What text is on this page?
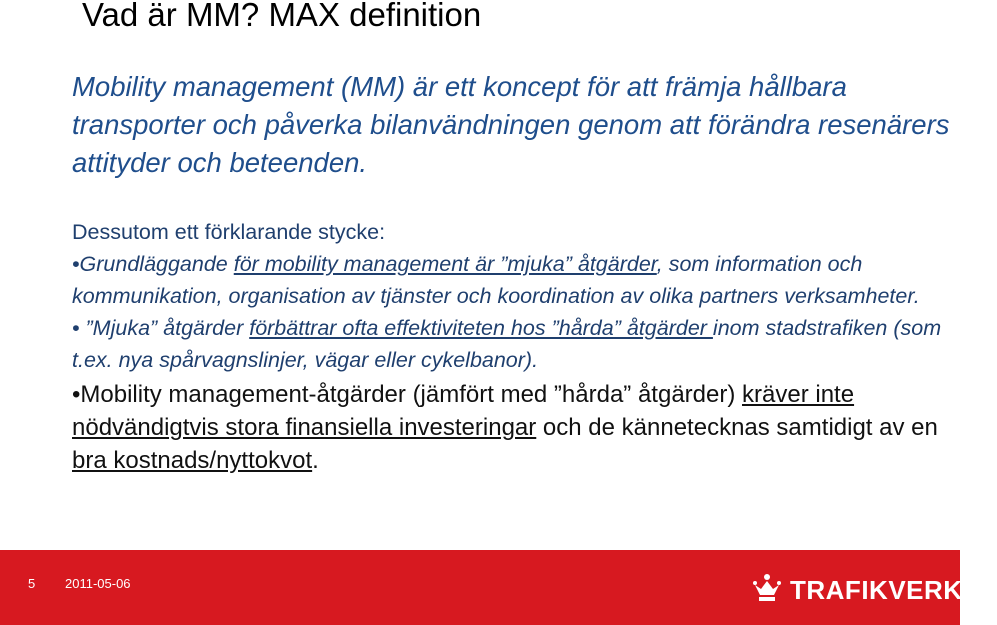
Vad är MM? MAX definition
Mobility management (MM) är ett koncept för att främja hållbara transporter och påverka bilanvändningen genom att förändra resenärers attityder och beteenden.
Dessutom ett förklarande stycke:
•Grundläggande för mobility management är ”mjuka” åtgärder, som information och kommunikation, organisation av tjänster och koordination av olika partners verksamheter.
• ”Mjuka” åtgärder förbättrar ofta effektiviteten hos ”hårda” åtgärder inom stadstrafiken (som t.ex. nya spårvagnslinjer, vägar eller cykelbanor).
•Mobility management-åtgärder (jämfört med ”hårda” åtgärder) kräver inte nödvändigtvis stora finansiella investeringar och de kännetecknas samtidigt av en bra kostnads/nyttokvot.
5 2011-05-06	TRAFIKVERKET
